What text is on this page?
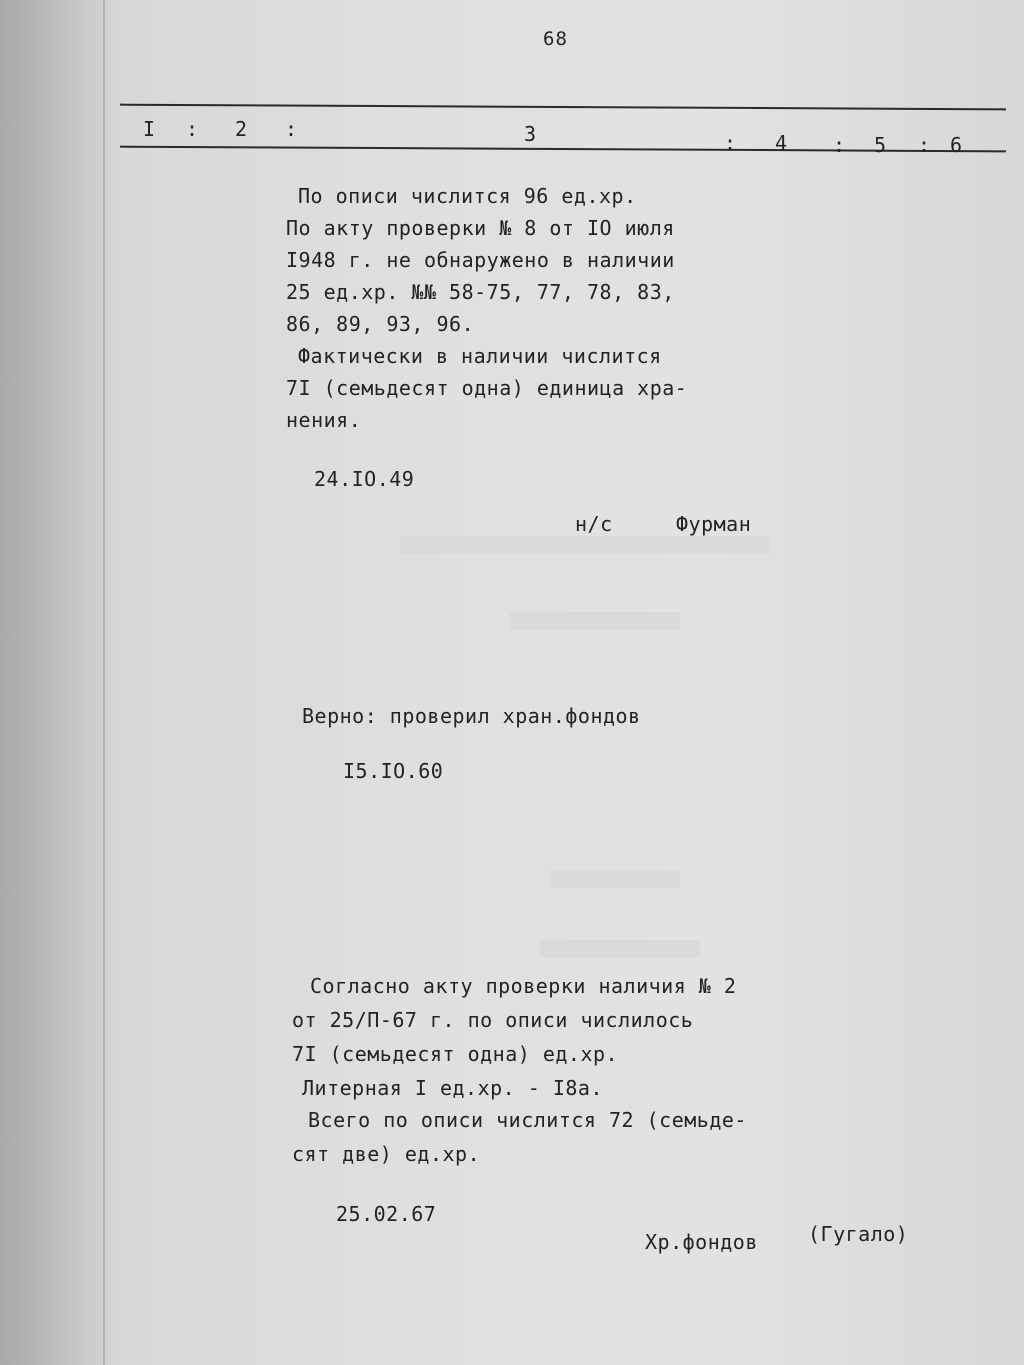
68
I : 2 :	3	: 4 : 5 : 6
По описи числится 96 ед.хр.
По акту проверки № 8 от IO июля
I948 г. не обнаружено в наличии
25 ед.хр. №№ 58-75, 77, 78, 83,
86, 89, 93, 96.
Фактически в наличии числится
7I (семьдесят одна) единица хра-
нения.
24.IO.49
н/с	Фурман
Верно: проверил хран.фондов
I5.IO.60
Согласно акту проверки наличия № 2
от 25/П-67 г. по описи числилось
7I (семьдесят одна) ед.хр.
Литерная I ед.хр. - I8а.
Всего по описи числится 72 (семьде-
сят две) ед.хр.
25.02.67
Хр.фондов	(Гугало)
